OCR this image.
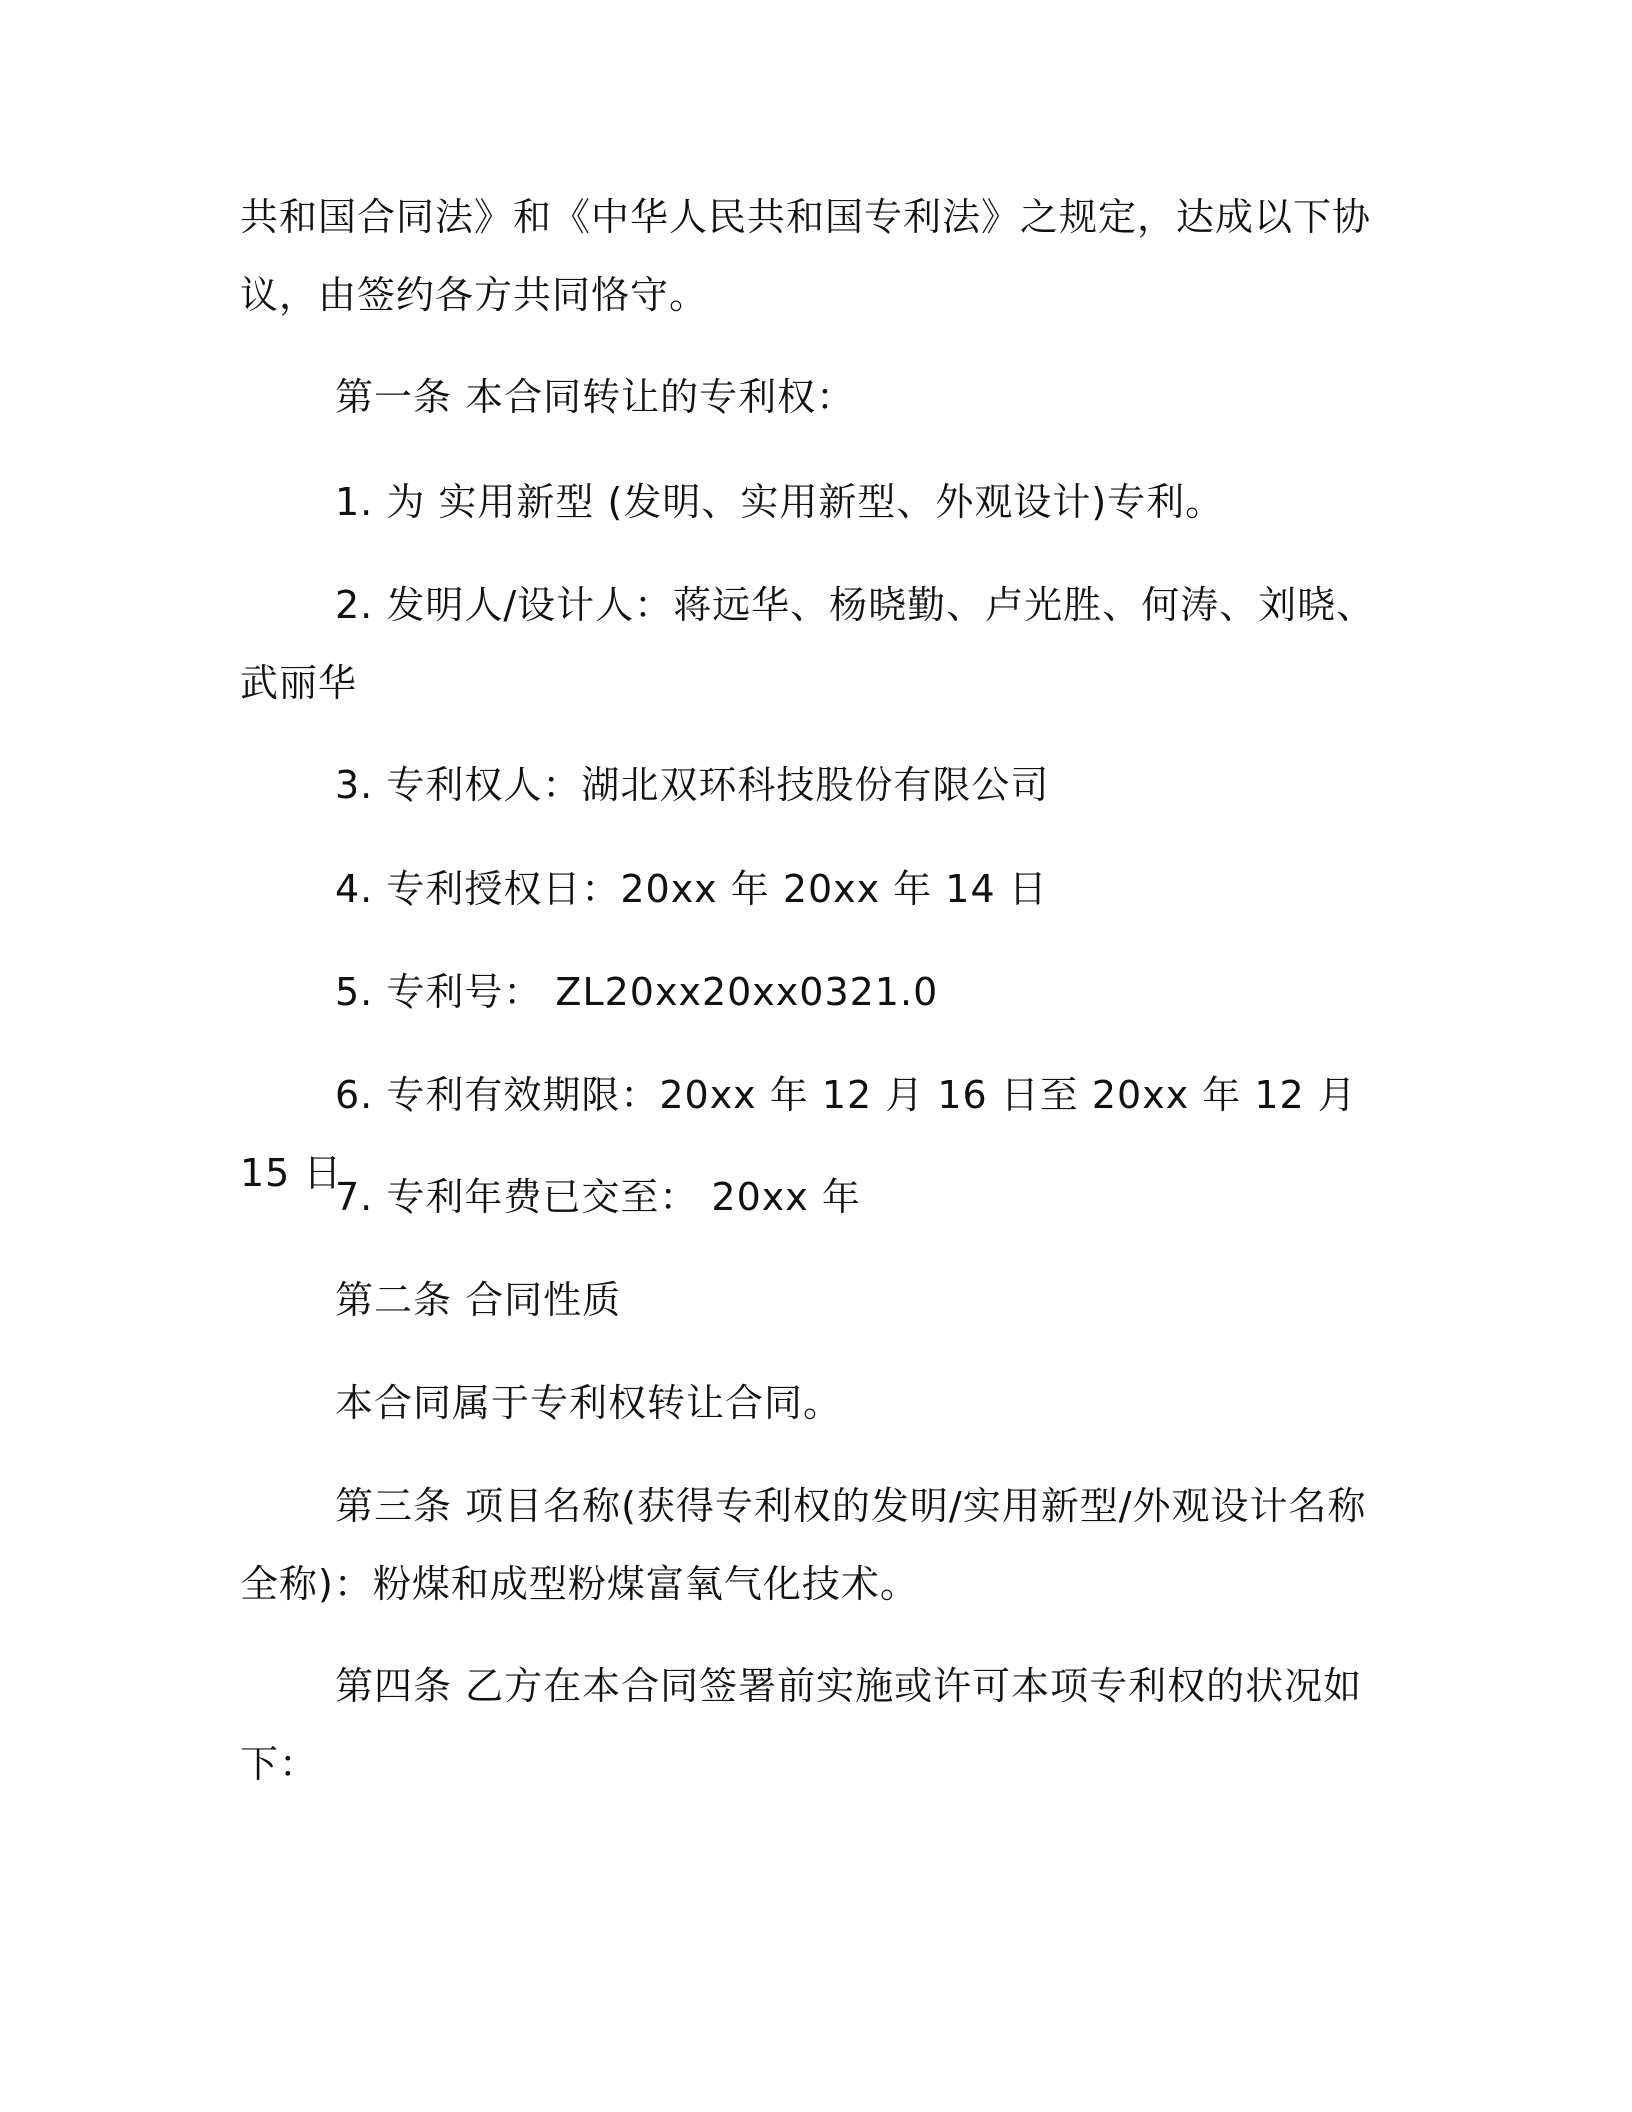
共和国合同法》和《中华人民共和国专利法》之规定，达成以下协议，由签约各方共同恪守。

第一条 本合同转让的专利权：

1. 为 实用新型 (发明、实用新型、外观设计)专利。

2. 发明人/设计人：蒋远华、杨晓勤、卢光胜、何涛、刘晓、武丽华

3. 专利权人：湖北双环科技股份有限公司

4. 专利授权日：20xx 年 20xx 年 14 日

5. 专利号： ZL20xx20xx0321.0

6. 专利有效期限：20xx 年 12 月 16 日至 20xx 年 12 月 15 日

7. 专利年费已交至： 20xx 年

第二条 合同性质

本合同属于专利权转让合同。

第三条 项目名称(获得专利权的发明/实用新型/外观设计名称全称)：粉煤和成型粉煤富氧气化技术。

第四条 乙方在本合同签署前实施或许可本项专利权的状况如下：
